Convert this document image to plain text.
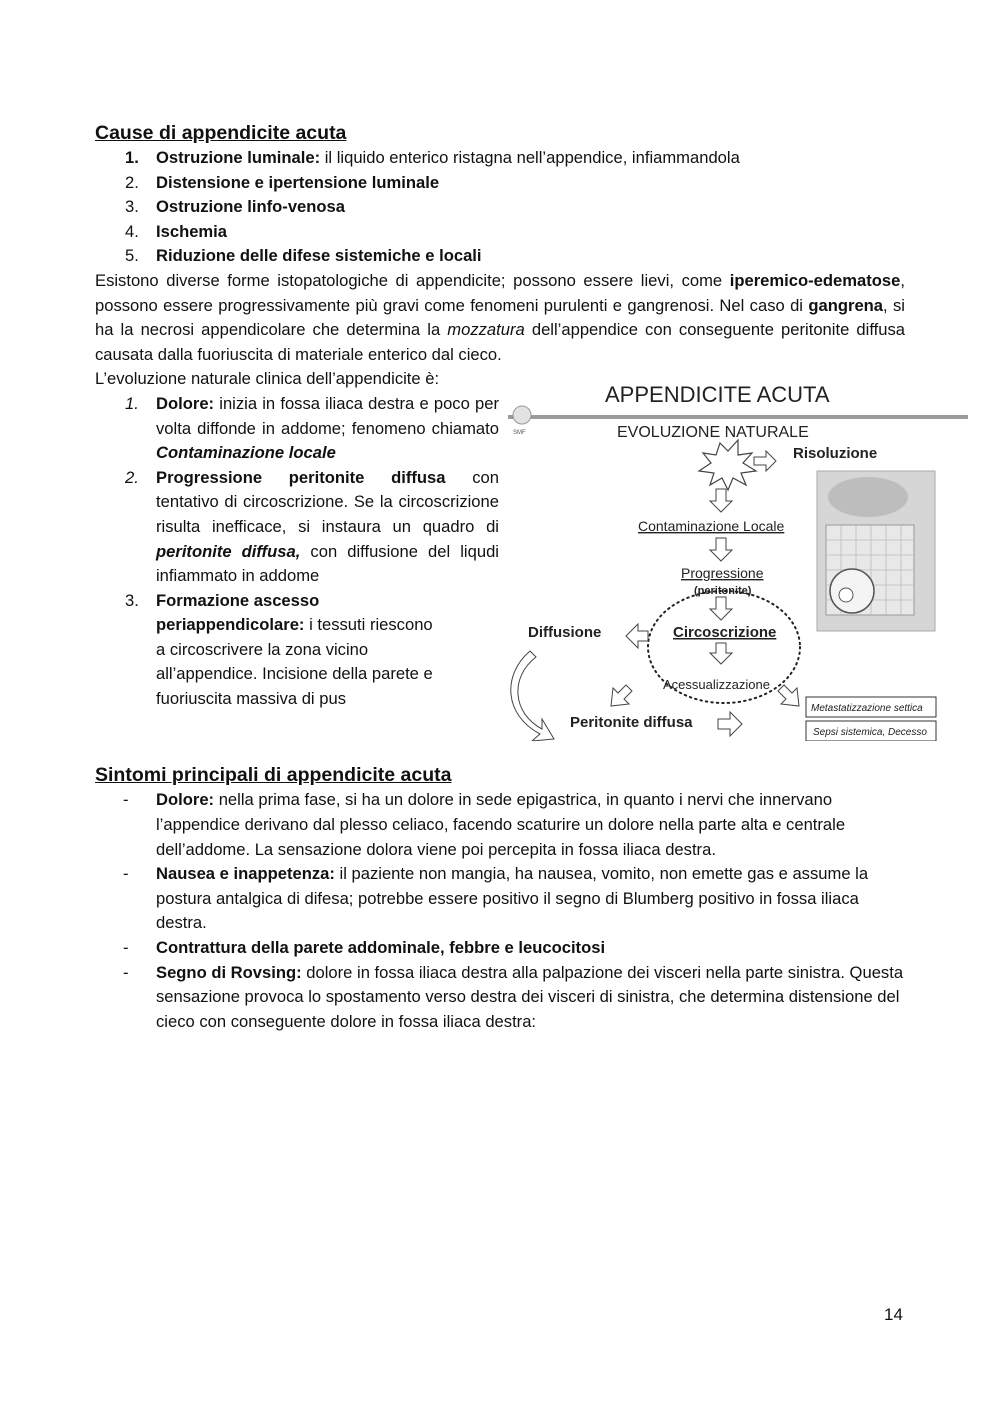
Cause di appendicite acuta
1.	Ostruzione luminale: il liquido enterico ristagna nell’appendice, infiammandola
2.	Distensione e ipertensione luminale
3.	Ostruzione linfo-venosa
4.	Ischemia
5.	Riduzione delle difese sistemiche e locali
Esistono diverse forme istopatologiche di appendicite; possono essere lievi, come iperemico-edematose, possono essere progressivamente più gravi come fenomeni purulenti e gangrenosi. Nel caso di gangrena, si ha la necrosi appendicolare che determina la mozzatura dell’appendice con conseguente peritonite diffusa causata dalla fuoriuscita di materiale enterico dal cieco.
L’evoluzione naturale clinica dell’appendicite è:
1.	Dolore: inizia in fossa iliaca destra e poco per volta diffonde in addome; fenomeno chiamato Contaminazione locale
2.	Progressione peritonite diffusa con tentativo di circoscrizione. Se la circoscrizione risulta inefficace, si instaura un quadro di peritonite diffusa, con diffusione del liqudi infiammato in addome
3.	Formazione ascesso periappendicolare: i tessuti riescono a circoscrivere la zona vicino all’appendice. Incisione della parete e fuoriuscita massiva di pus
SMF
APPENDICITE ACUTA
EVOLUZIONE NATURALE
Risoluzione
Contaminazione Locale
Progressione
(peritonite)
Circoscrizione
Diffusione
Acessualizzazione
Peritonite diffusa
Metastatizzazione settica
Sepsi sistemica, Decesso
Sintomi principali di appendicite acuta
- Dolore: nella prima fase, si ha un dolore in sede epigastrica, in quanto i nervi che innervano l’appendice derivano dal plesso celiaco, facendo scaturire un dolore nella parte alta e centrale dell’addome. La sensazione dolora viene poi percepita in fossa iliaca destra.
- Nausea e inappetenza: il paziente non mangia, ha nausea, vomito, non emette gas e assume la postura antalgica di difesa; potrebbe essere positivo il segno di Blumberg positivo in fossa iliaca destra.
- Contrattura della parete addominale, febbre e leucocitosi
- Segno di Rovsing: dolore in fossa iliaca destra alla palpazione dei visceri nella parte sinistra. Questa sensazione provoca lo spostamento verso destra dei visceri di sinistra, che determina distensione del cieco con conseguente dolore in fossa iliaca destra:
14
